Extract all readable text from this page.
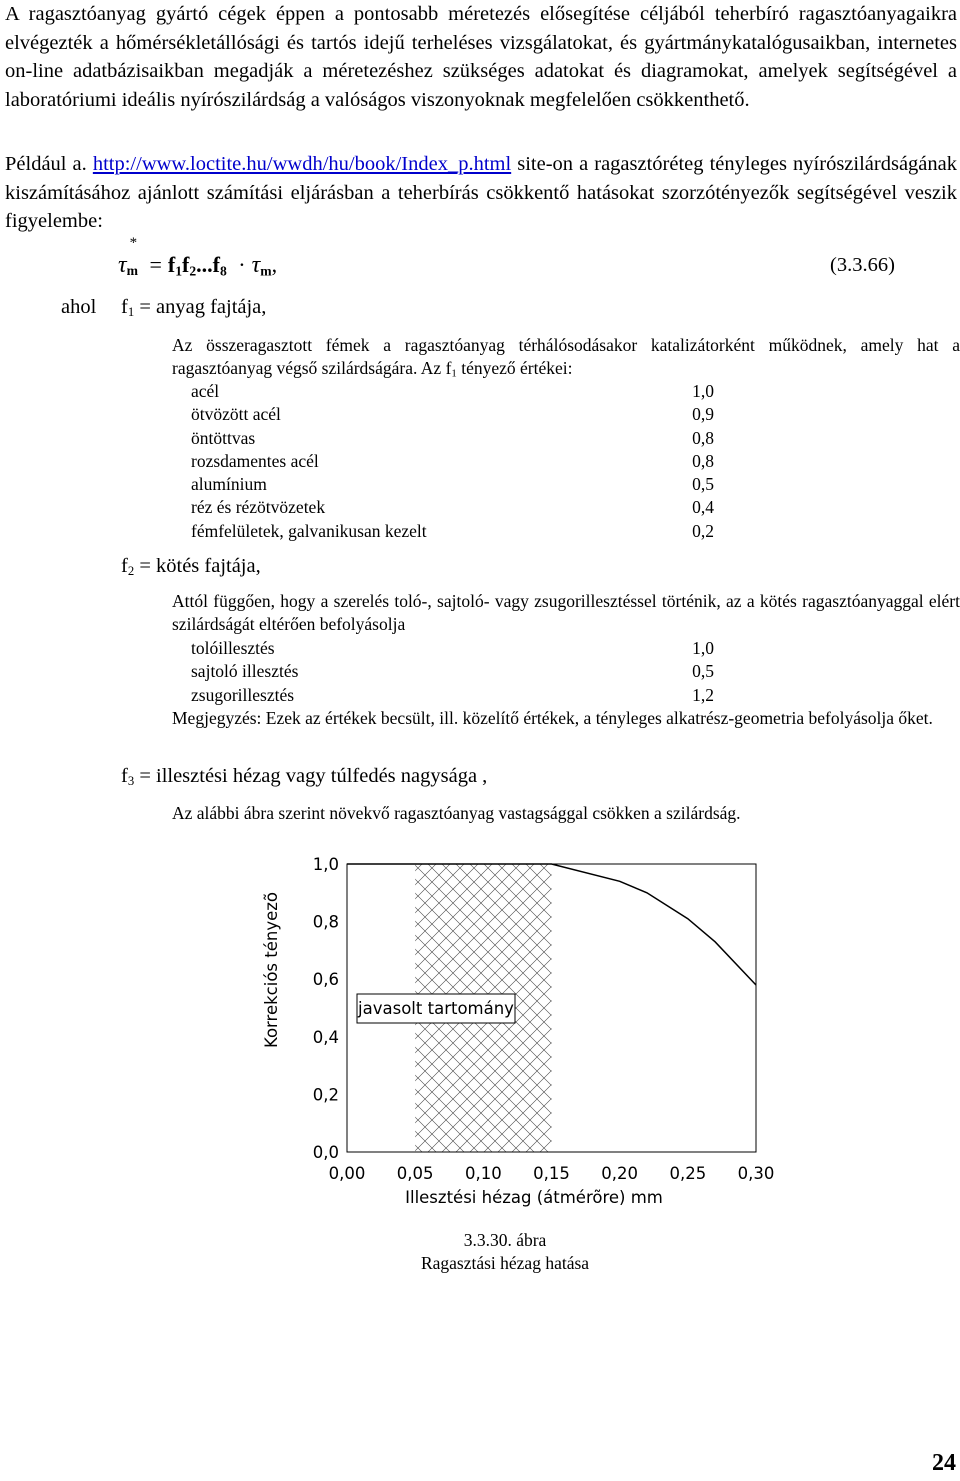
A ragasztóanyag gyártó cégek éppen a pontosabb méretezés elősegítése céljából teherbíró ragasztóanyagaikra elvégezték a hőmérsékletállósági és tartós idejű terheléses vizsgálatokat, és gyártmánykatalógusaikban, internetes on-line adatbázisaikban megadják a méretezéshez szükséges adatokat és diagramokat, amelyek segítségével a laboratóriumi ideális nyírószilárdság a valóságos viszonyoknak megfelelően csökkenthető.

Például a. http://www.loctite.hu/wwdh/hu/book/Index_p.html site-on a ragasztóréteg tényleges nyírószilárdságának kiszámításához ajánlott számítási eljárásban a teherbírás csökkentő hatásokat szorzótényezők segítségével veszik figyelembe:

$\tau_{m *}$
= $f_1f_2...f_8 \cdot \tau_m$,	(3.3.66)
ahol $f_1$ = anyag fajtája,

Az összeragasztott fémek a ragasztóanyag térhálósodásakor katalizátorként működnek, amely hat a ragasztóanyag végső szilárdságára. Az $f_1$ tényező értékei:

acél	1,0
ötvözött acél	0,9
öntöttvas	0,8
rozsdamentes acél	0,8
alumínium	0,5
réz és rézötvözetek	0,4
fémfelületek, galvanikusan kezelt	0,2
$f_2$ = kötés fajtája,

Attól függően, hogy a szerelés toló-, sajtoló- vagy zsugorillesztéssel történik, az a kötés ragasztóanyaggal elért szilárdságát eltérően befolyásolja

tolóillesztés	1,0
sajtoló illesztés	0,5
zsugorillesztés	1,2

Megjegyzés: Ezek az értékek becsült, ill. közelítő értékek, a tényleges alkatrész-geometria befolyásolja őket.

$f_3$ = illesztési hézag vagy túlfedés nagysága ,
Az alábbi ábra szerint növekvő ragasztóanyag vastagsággal csökken a szilárdság.
0,0
0,2
0,4
0,6
0,8
1,0
0,00 0,05 0,10 0,15 0,20 0,25 0,30
javasolt tartomány
Korrekciós tényezõ
Illesztési hézag (átmérõre) mm
3.3.30. ábra
Ragasztási hézag hatása
24
